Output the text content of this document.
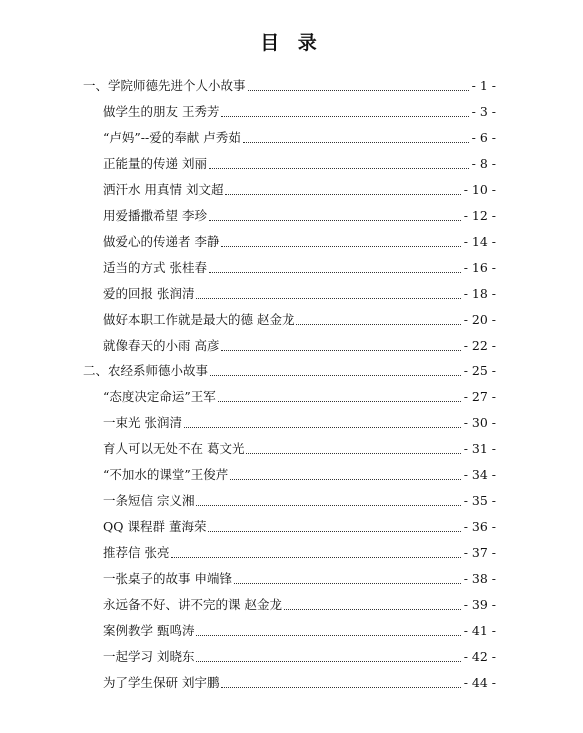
目 录
一、学院师德先进个人小故事	- 1 -
做学生的朋友 王秀芳	- 3 -
“卢妈”--爱的奉献 卢秀茹	- 6 -
正能量的传递 刘丽	- 8 -
洒汗水 用真情 刘文超	- 10 -
用爱播撒希望 李珍	- 12 -
做爱心的传递者 李静	- 14 -
适当的方式 张桂春	- 16 -
爱的回报 张润清	- 18 -
做好本职工作就是最大的德 赵金龙	- 20 -
就像春天的小雨 高彦	- 22 -
二、农经系师德小故事	- 25 -
“态度决定命运”王军	- 27 -
一束光 张润清	- 30 -
育人可以无处不在 葛文光	- 31 -
“不加水的课堂”王俊芹	- 34 -
一条短信 宗义湘	- 35 -
QQ 课程群 董海荣	- 36 -
推荐信 张亮	- 37 -
一张桌子的故事 申端锋	- 38 -
永远备不好、讲不完的课 赵金龙	- 39 -
案例教学 甄鸣涛	- 41 -
一起学习 刘晓东	- 42 -
为了学生保研 刘宇鹏	- 44 -
